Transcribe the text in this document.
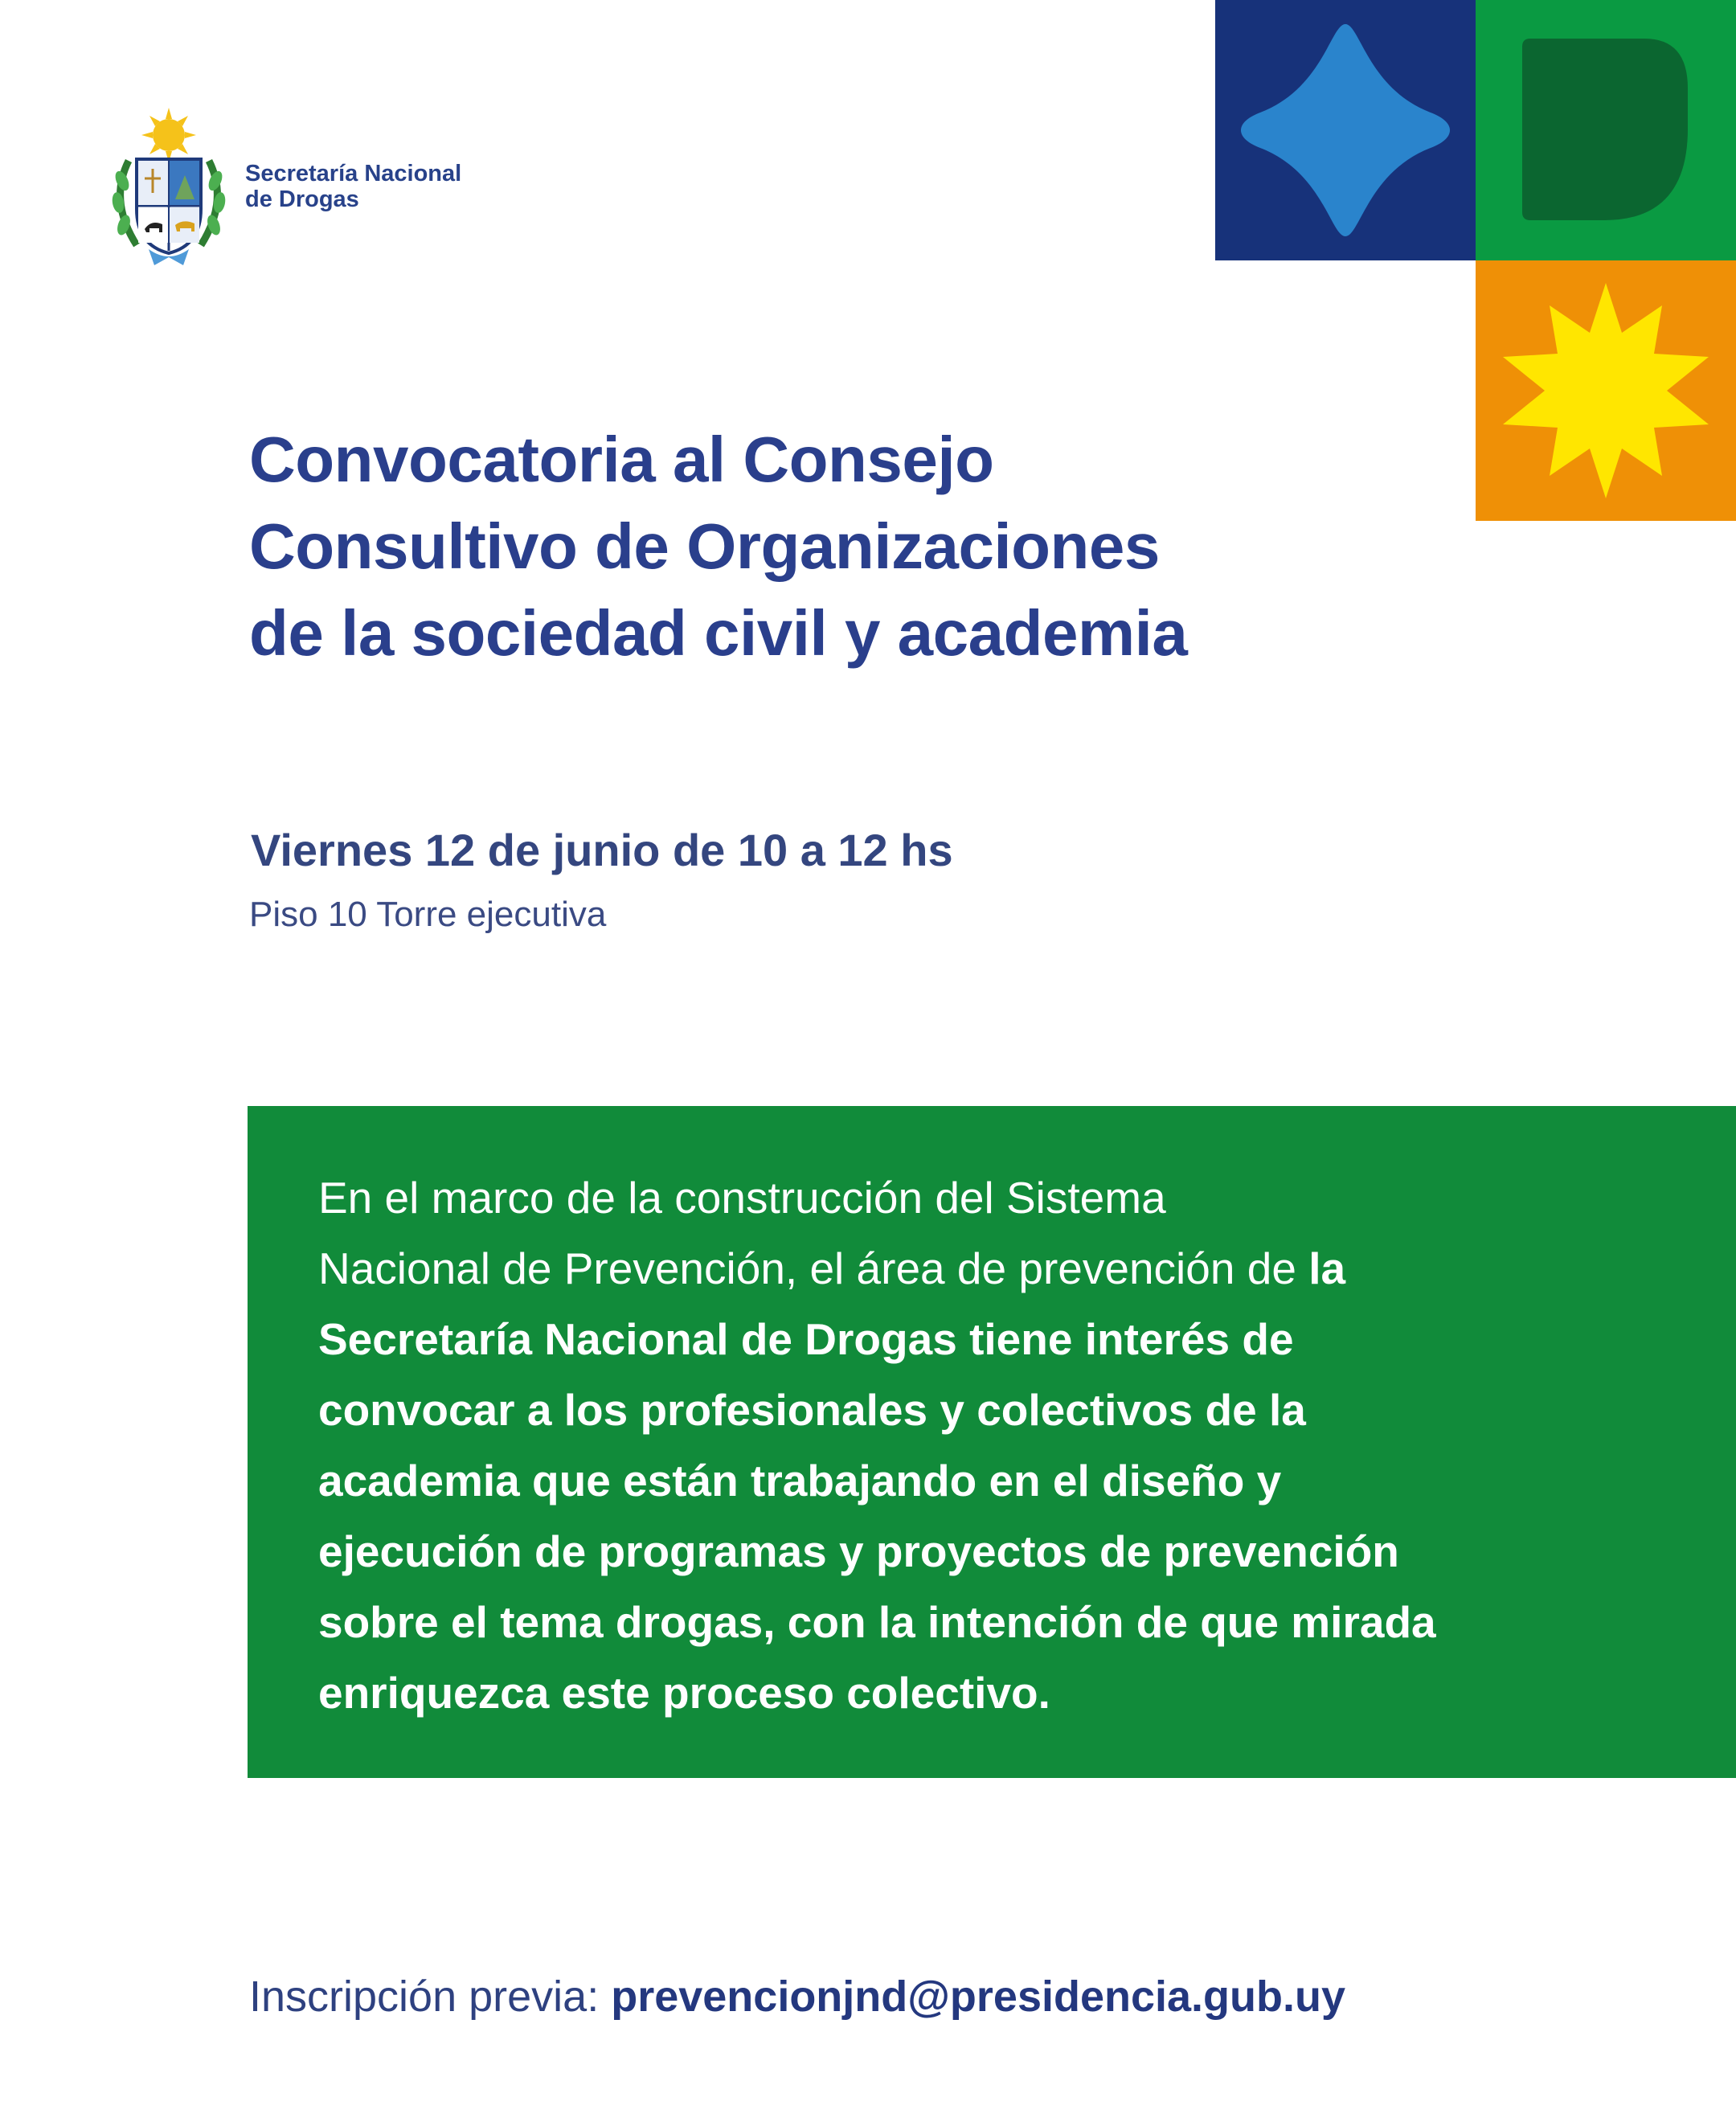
Secretaría Nacional
de Drogas
Convocatoria al Consejo
Consultivo de Organizaciones
de la sociedad civil y academia
Viernes 12 de junio de 10 a 12 hs
Piso 10 Torre ejecutiva
En el marco de la construcción del Sistema
Nacional de Prevención, el área de prevención de la
Secretaría Nacional de Drogas tiene interés de
convocar a los profesionales y colectivos de la
academia que están trabajando en el diseño y
ejecución de programas y proyectos de prevención
sobre el tema drogas, con la intención de que mirada
enriquezca este proceso colectivo.
Inscripción previa: prevencionjnd@presidencia.gub.uy
